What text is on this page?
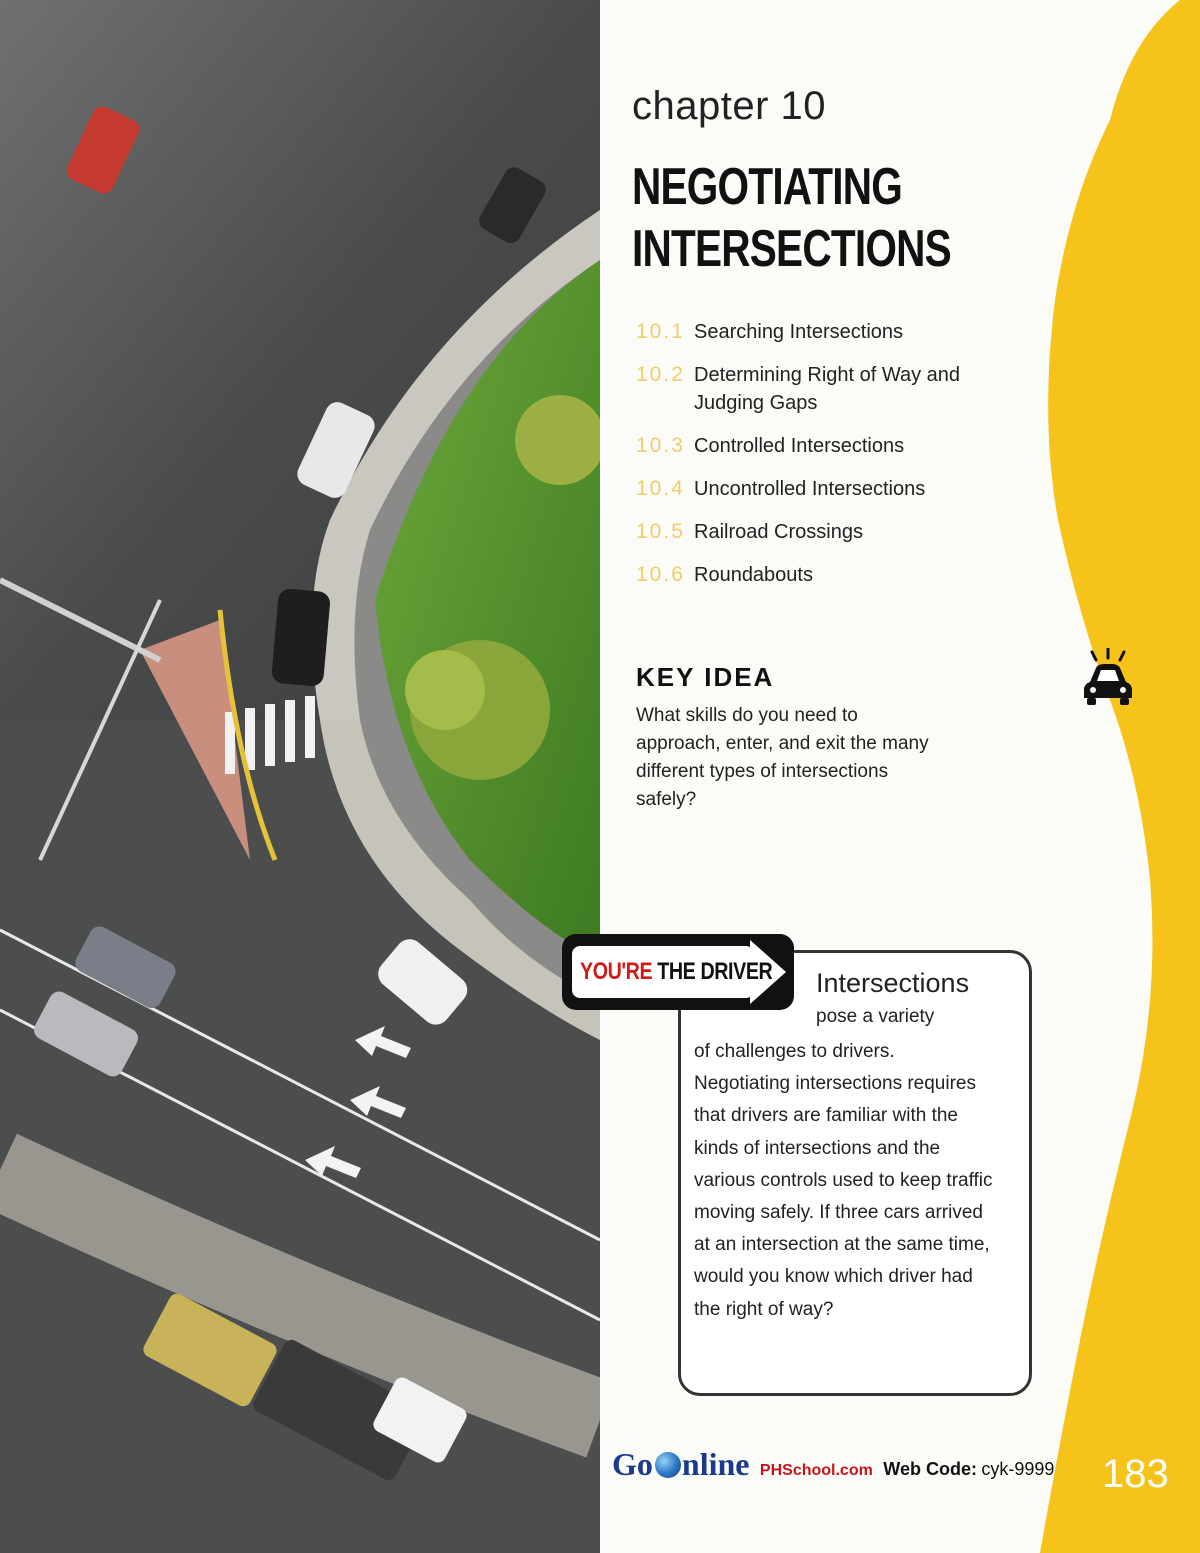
chapter 10
NEGOTIATING
INTERSECTIONS
10.1 Searching Intersections
10.2 Determining Right of Way and Judging Gaps
10.3 Controlled Intersections
10.4 Uncontrolled Intersections
10.5 Railroad Crossings
10.6 Roundabouts
KEY IDEA
What skills do you need to approach, enter, and exit the many different types of intersections safely?
YOU'RE THE DRIVER Intersections
pose a variety
of challenges to drivers. Negotiating intersections requires that drivers are familiar with the kinds of intersections and the various controls used to keep traffic moving safely. If three cars arrived at an intersection at the same time, would you know which driver had the right of way?
Go nline PHSchool.com Web Code: cyk-9999 183
